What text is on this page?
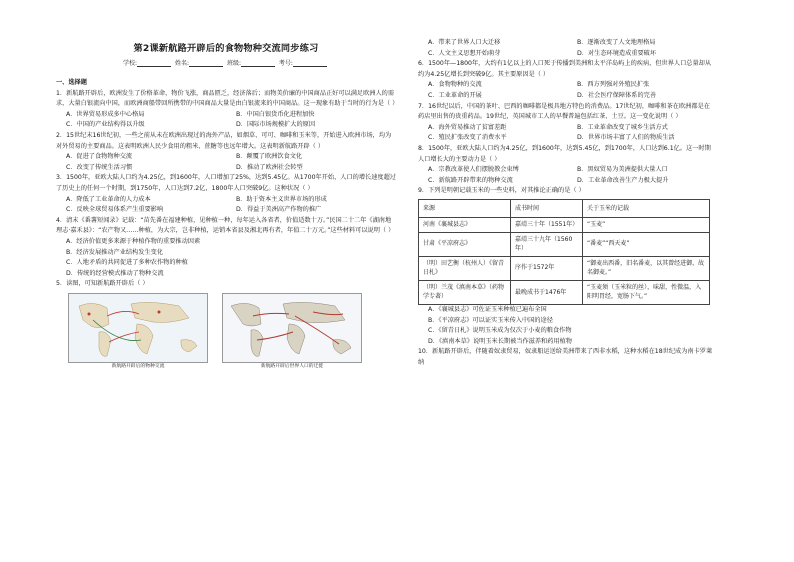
第2课新航路开辟后的食物物种交流同步练习
学校:	姓名:	班级:	考号:

一、选择题

1．新航路开辟后，欧洲发生了价格革命，物价飞涨，商品匮乏，经济落后；而物美价廉的中国商品正好可以满足欧洲人的需求，大量白银流向中国，而欧洲商船带回所携带的中国商品大量是由白银流来的中国商品。这一现象有助于当时的行为是（ ）

A．世界贸易形成多中心格局	B．中国白银货币化进程加快
C．中国的产业结构得以升级	D．国际市场规模扩大的原因

2．15世纪末16世纪初，一些之前从未在欧洲出现过的海外产品，如烟草、可可、咖啡和玉米等，开始进入欧洲市场，均为对外贸易的主要商品。这表明欧洲人民少食用的粗米、蔗糖等也远年增大。这表明新航路开辟（ ）

A．促进了食物物种交流	B．颠覆了欧洲饮食文化
C．改变了传统生活习惯	D．推动了欧洲社会转型

3．1500年，亚欧大陆人口约为4.25亿，到1600年，人口增加了25%，达到5.45亿。从1700年开始，人口的增长速度超过了历史上的任何一个时期，到1750年，人口达到7.2亿，1800年人口突破9亿。这种状况（ ）

A．降低了工业革命的人力成本	B．助于资本主义世界市场的形成
C．反映全球贸易体系产生重要影响	D．得益于美洲高产作物的推广

4．清末《番薯短闻录》记载：“苗先番在福建种植，见种植一种，每年运入各省者，价值适数十万。”民国二十二年《湖南地理志·嘉禾县》：“农产物又……种植，为大宗，岂非种植，运销本省县及湘北再有者，年值二十万元。”这些材料可以说明（ ）

A．经济价值更多来源于种植作物的重要推动因素
B．经济发展推动产业结构发生变化
C．人地矛盾的共同促进了多种农作物的种植
D．传统的经营模式推动了物种交流

5．读图，可知新航路开辟后（ ）

新航路开辟后的物种交流	新航路开辟后世界人口的迁徙
A．带来了世界人口大迁移	B．逐渐改变了人文地理格局
C．人文主义思想开始萌芽	D．对生态环境造成重要破坏

6．1500年—1800年，大约有1亿以上的人口死于传播到美洲和太平洋岛屿上的疾病，但世界人口总量却从约为4.25亿增长到突破9亿。其主要原因是（ ）

A．食物物种的交流	B．西方列强对外殖民扩张
C．工业革命的开展	D．社会医疗保障体系的完善

7．16世纪以后，中国的茶叶、巴西的咖啡都是极具地方特色的消费品。17世纪初，咖啡和茶在欧洲都是在药店里出售的贵重药品。19世纪，英国城市工人的早餐普遍包括红茶、土豆。这一变化说明（ ）

A．海外贸易推动了贫富差距	B．工业革命改变了城乡生活方式
C．殖民扩张改变了消费水平	D．世界市场丰富了人们的物质生活

8．1500年，亚欧大陆人口约为4.25亿，到1600年，达到5.45亿，到1700年，人口达到6.1亿。这一时期人口增长大的主要动力是（ ）

A．宗教改革使人们摆脱教会束缚	B．黑奴贸易为美洲提供大量人口
C．新航路开辟带来的物种交流	D．工业革命改善生产力极大提升

9．下列是明朝记载玉米的一些史料，对其推论正确的是（ ）

来源	成书时间	关于玉米的记载
河南《襄城县志》	嘉靖三十年（1551年）	“玉麦”
甘肃《平凉府志》	嘉靖三十九年（1560年）	“番麦”“西天麦”
（明）田艺衡（杭州人）《留青日札》	序作于1572年	“御麦出西番，旧名番麦，以其曾经进御，故名御麦。”
（明）兰茂《滇南本草》（药物学专著）	最晚成书于1476年	“玉麦须（玉米粒的丝），味甜，性微温，入阳明胃经，宽肠下气。”
A．《襄城县志》可佐证玉米种植已遍布全国
B．《平凉府志》可以证实玉米传入中国的途径
C．《留青日札》说明玉米成为仅次于小麦的粮食作物
D．《滇南本草》说明玉米长期被当作滋养和药用植物

10．新航路开辟后，伴随着奴隶贸易，奴隶船运送给美洲带来了西非水稻，这种水稻在18世纪成为南卡罗莱纳
